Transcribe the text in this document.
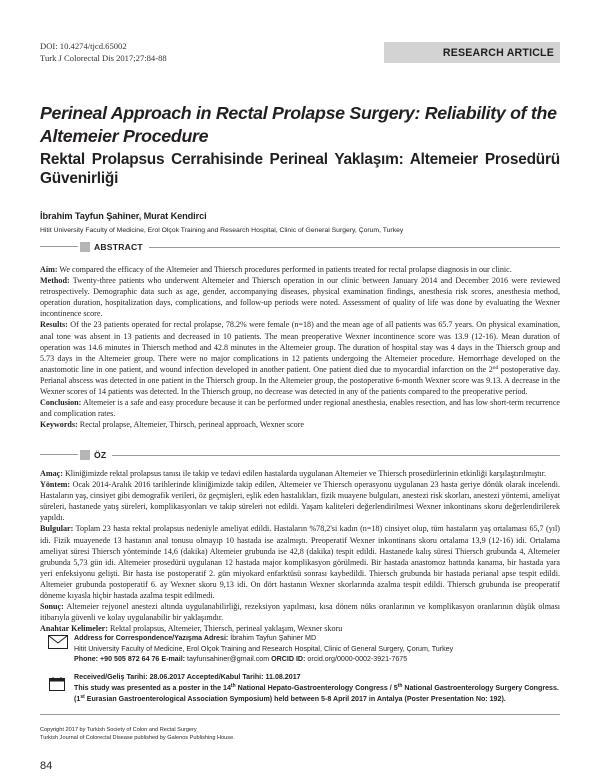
DOI: 10.4274/tjcd.65002
Turk J Colorectal Dis 2017;27:84-88	RESEARCH ARTICLE
Perineal Approach in Rectal Prolapse Surgery: Reliability of the Altemeier Procedure
Rektal Prolapsus Cerrahisinde Perineal Yaklaşım: Altemeier Prosedürü Güvenirliği
İbrahim Tayfun Şahiner, Murat Kendirci
Hitit University Faculty of Medicine, Erol Olçok Training and Research Hospital, Clinic of General Surgery, Çorum, Turkey
ABSTRACT

Aim: We compared the efficacy of the Altemeier and Thiersch procedures performed in patients treated for rectal prolapse diagnosis in our clinic.

Method: Twenty-three patients who underwent Altemeier and Thiersch operation in our clinic between January 2014 and December 2016 were reviewed retrospectively. Demographic data such as age, gender, accompanying diseases, physical examination findings, anesthesia risk scores, anesthesia method, operation duration, hospitalization days, complications, and follow-up periods were noted. Assessment of quality of life was done by evaluating the Wexner incontinence score.

Results: Of the 23 patients operated for rectal prolapse, 78.2% were female (n=18) and the mean age of all patients was 65.7 years. On physical examination, anal tone was absent in 13 patients and decreased in 10 patients. The mean preoperative Wexner incontinence score was 13.9 (12-16). Mean duration of operation was 14.6 minutes in Thiersch method and 42.8 minutes in the Altemeier group. The duration of hospital stay was 4 days in the Thiersch group and 5.73 days in the Altemeier group. There were no major complications in 12 patients undergoing the Altemeier procedure. Hemorrhage developed on the anastomotic line in one patient, and wound infection developed in another patient. One patient died due to myocardial infarction on the 2nd postoperative day. Perianal abscess was detected in one patient in the Thiersch group. In the Altemeier group, the postoperative 6-month Wexner score was 9.13. A decrease in the Wexner scores of 14 patients was detected. In the Thiersch group, no decrease was detected in any of the patients compared to the preoperative period.

Conclusion: Altemeier is a safe and easy procedure because it can be performed under regional anesthesia, enables resection, and has low short-term recurrence and complication rates.

Keywords: Rectal prolapse, Altemeier, Thirsch, perineal approach, Wexner score

ÖZ

Amaç: Kliniğimizde rektal prolapsus tanısı ile takip ve tedavi edilen hastalarda uygulanan Altemeier ve Thiersch prosedürlerinin etkinliği karşılaştırılmıştır.

Yöntem: Ocak 2014-Aralık 2016 tarihlerinde kliniğimizde takip edilen, Altemeier ve Thiersch operasyonu uygulanan 23 hasta geriye dönük olarak incelendi. Hastaların yaş, cinsiyet gibi demografik verileri, öz geçmişleri, eşlik eden hastalıkları, fizik muayene bulguları, anestezi risk skorları, anestezi yöntemi, ameliyat süreleri, hastanede yatış süreleri, komplikasyonları ve takip süreleri not edildi. Yaşam kaliteleri değerlendirilmesi Wexner inkontinans skoru değerlendirilerek yapıldı.

Bulgular: Toplam 23 hasta rektal prolapsus nedeniyle ameliyat edildi. Hastaların %78,2'si kadın (n=18) cinsiyet olup, tüm hastaların yaş ortalaması 65,7 (yıl) idi. Fizik muayenede 13 hastanın anal tonusu olmayıp 10 hastada ise azalmıştı. Preoperatif Wexner inkontinans skoru ortalama 13,9 (12-16) idi. Ortalama ameliyat süresi Thiersch yönteminde 14,6 (dakika) Altemeier grubunda ise 42,8 (dakika) tespit edildi. Hastanede kalış süresi Thiersch grubunda 4, Altemeier grubunda 5,73 gün idi. Altemeier prosedürü uygulanan 12 hastada major komplikasyon görülmedi. Bir hastada anastomoz hattında kanama, bir hastada yara yeri enfeksiyonu gelişti. Bir hasta ise postoperatif 2. gün miyokard enfarktüsü sonrası kaybedildi. Thiersch grubunda bir hastada perianal apse tespit edildi. Altemeier grubunda postoperatif 6. ay Wexner skoru 9,13 idi. On dört hastanın Wexner skorlarında azalma tespit edildi. Thiersch grubunda ise preoperatif döneme kıyasla hiçbir hastada azalma tespit edilmedi.

Sonuç: Altemeier rejyonel anestezi altında uygulanabilirliği, rezeksiyon yapılması, kısa dönem nüks oranlarının ve komplikasyon oranlarının düşük olması itibarıyla güvenli ve kolay uygulanabilir bir yaklaşımdır.

Anahtar Kelimeler: Rektal prolapsus, Altemeier, Thiersch, perineal yaklaşım, Wexner skoru

Address for Correspondence/Yazışma Adresi: İbrahim Tayfun Şahiner MD
Hitit University Faculty of Medicine, Erol Olçok Training and Research Hospital, Clinic of General Surgery, Çorum, Turkey
Phone: +90 505 872 64 76 E-mail: tayfunsahiner@gmail.com ORCID ID: orcid.org/0000-0002-3921-7675
Received/Geliş Tarihi: 28.06.2017 Accepted/Kabul Tarihi: 11.08.2017
This study was presented as a poster in the 14th National Hepato-Gastroenterology Congress / 5th National Gastroenterology Surgery Congress. (1st Eurasian Gastroenterological Association Symposium) held between 5-8 April 2017 in Antalya (Poster Presentation No: 192).
Copyright 2017 by Turkish Society of Colon and Rectal Surgery
Turkish Journal of Colorectal Disease published by Galenos Publishing House.
84
